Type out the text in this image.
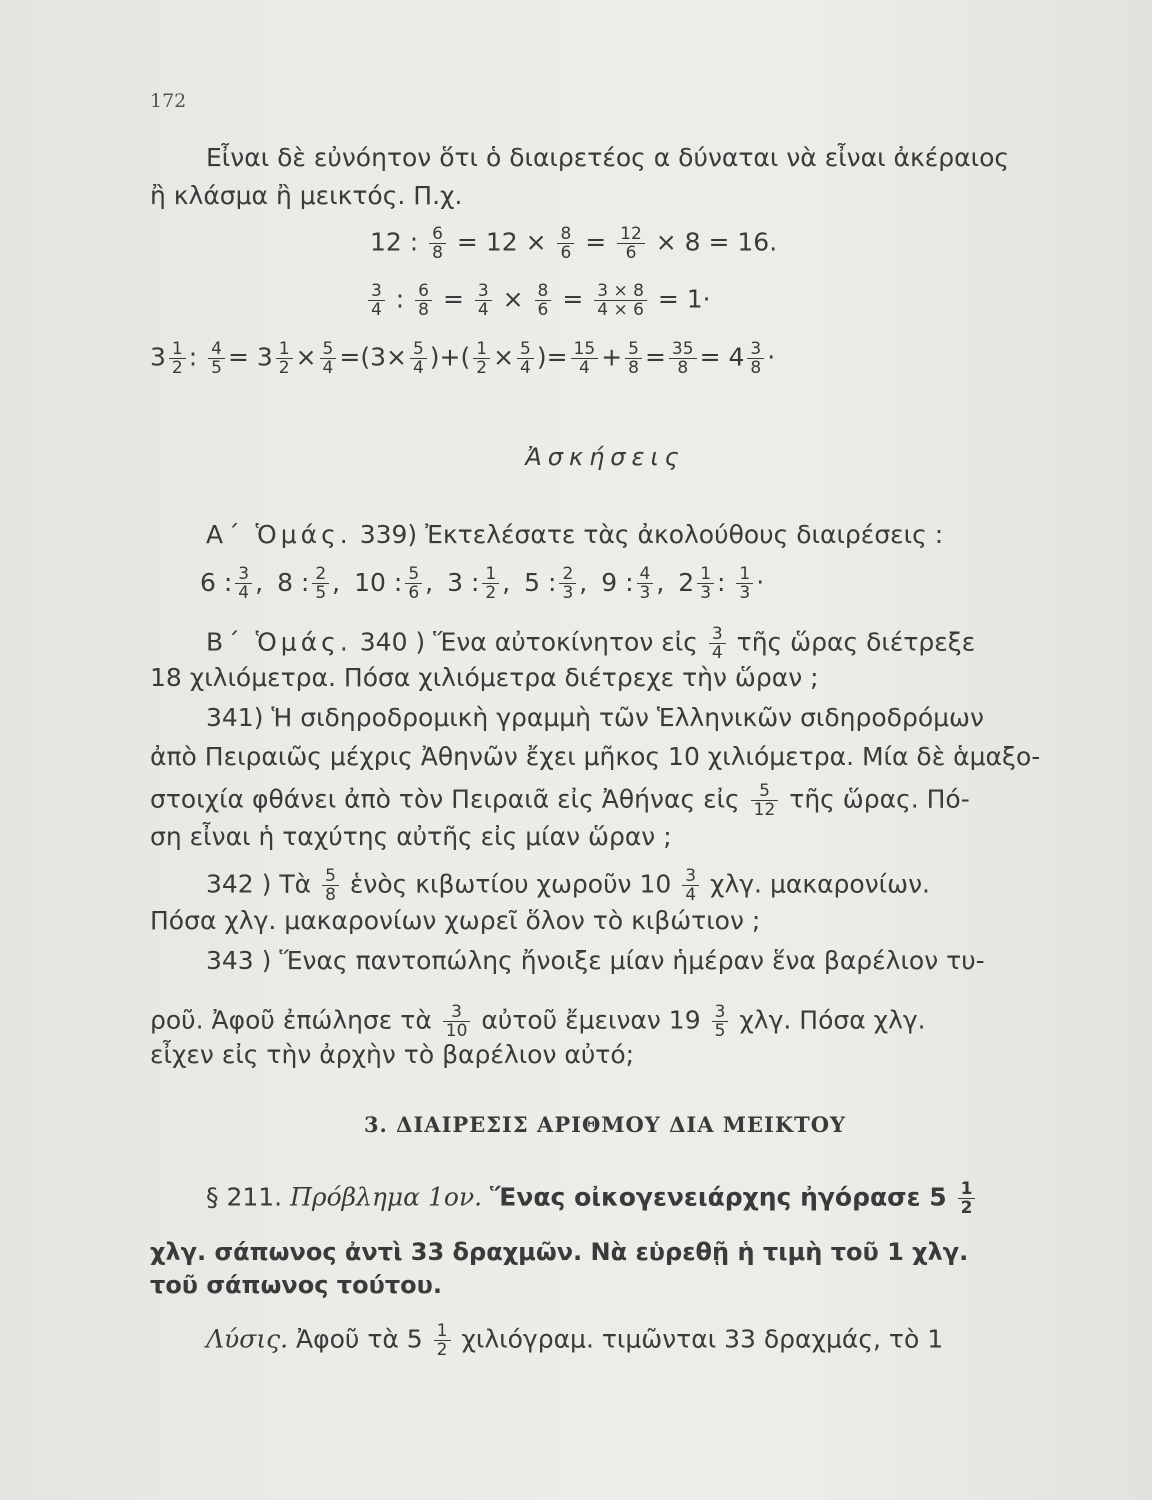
172
Εἶναι δὲ εὐνόητον ὅτι ὁ διαιρετέος α δύναται νὰ εἶναι ἀκέραιος
ἢ κλάσμα ἢ μεικτός. Π.χ.
12 : $\frac{6}{8} = 12 \times \frac{8}{6} = \frac{12}{6} \times 8 = 16$.
$\frac{3}{4}$ : $\frac{6}{8} = \frac{3}{4} \times \frac{8}{6} = \frac{3 \times 8}{4 \times 6} = 1\cdot$
$3 \frac{1}{2}$ : $\frac{4}{5} = 3 \frac{1}{2} \times \frac{5}{4} =(3\times \frac{5}{4}$ )+( $\frac{1}{2} \times \frac{5}{4}$ )= $\frac{15}{4} + \frac{5}{8} = \frac{35}{8} = 4 \frac{3}{8}$ ·
Ἀσκήσεις
Α΄ Ὁμάς. 339) Ἐκτελέσατε τὰς ἀκολούθους διαιρέσεις :
6 : $\frac{3}{4}$ , 8 : $\frac{2}{5}$ , 10 : $\frac{5}{6}$ , 3 : $\frac{1}{2}$ , 5 : $\frac{2}{3}$ , 9 : $\frac{4}{3}$ , $2 \frac{1}{3}$ : $\frac{1}{3}$ ·
Β΄ Ὁμάς. 340 ) Ἕνα αὐτοκίνητον εἰς $\frac{3}{4}$ τῆς ὥρας διέτρεξε
18 χιλιόμετρα. Πόσα χιλιόμετρα διέτρεχε τὴν ὥραν ;
341) Ἡ σιδηροδρομικὴ γραμμὴ τῶν Ἑλληνικῶν σιδηροδρόμων
ἀπὸ Πειραιῶς μέχρις Ἀθηνῶν ἔχει μῆκος 10 χιλιόμετρα. Μία δὲ ἁμαξο-
στοιχία φθάνει ἀπὸ τὸν Πειραιᾶ εἰς Ἀθήνας εἰς $\frac{5}{12}$ τῆς ὥρας. Πό-
ση εἶναι ἡ ταχύτης αὐτῆς εἰς μίαν ὥραν ;
342 ) Τὰ $\frac{5}{8}$ ἑνὸς κιβωτίου χωροῦν $10 \frac{3}{4} \chi\lambda\gamma$. μακαρονίων.
Πόσα χλγ. μακαρονίων χωρεῖ ὅλον τὸ κιβώτιον ;
343 ) Ἕνας παντοπώλης ἤνοιξε μίαν ἡμέραν ἕνα βαρέλιον τυ-
ροῦ. Ἀφοῦ ἐπώλησε τὰ $\frac{3}{10}$ αὐτοῦ ἔμειναν $19 \frac{3}{5} \chi\lambda\gamma$. Πόσα χλγ.
εἶχεν εἰς τὴν ἀρχὴν τὸ βαρέλιον αὐτό;
3. ΔΙΑΙΡΕΣΙΣ ΑΡΙΘΜΟΥ ΔΙΑ ΜΕΙΚΤΟΥ
§ 211. Πρόβλημα 1ον. Ἕνας οἰκογενειάρχης ἠγόρασε $5 \frac{1}{2}$
χλγ. σάπωνος ἀντὶ 33 δραχμῶν. Νὰ εὑρεθῇ ἡ τιμὴ τοῦ 1 χλγ.
τοῦ σάπωνος τούτου.
Λύσις. Ἀφοῦ τὰ $5 \frac{1}{2} \chi\iota\lambda\iota ό\gamma\rho\alpha\mu$. τιμῶνται 33 δραχμάς, τὸ 1
